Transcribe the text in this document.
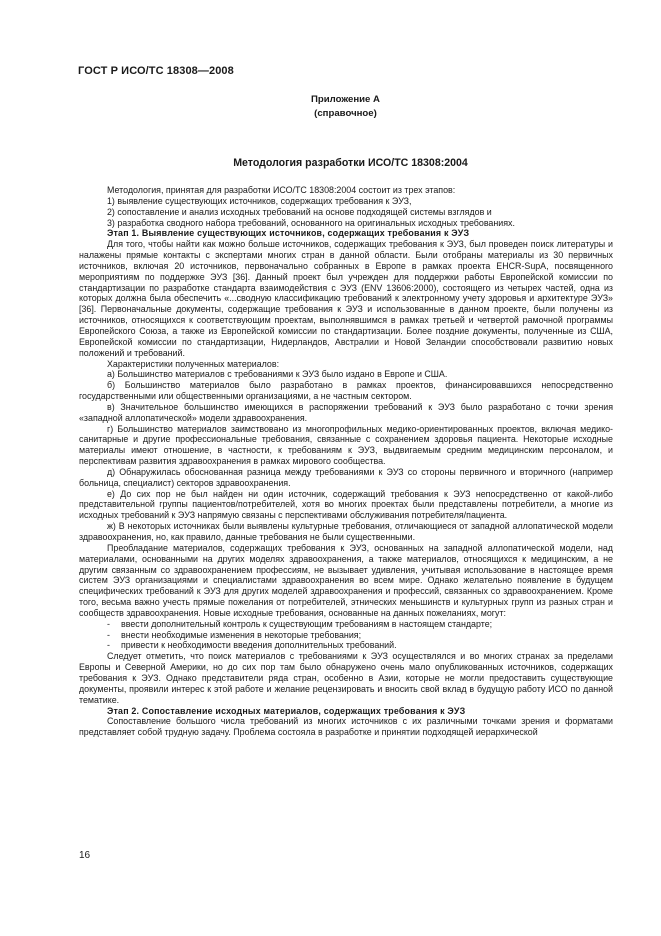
ГОСТ Р ИСО/ТС 18308—2008
Приложение А
(справочное)
Методология разработки ИСО/ТС 18308:2004

Методология, принятая для разработки ИСО/ТС 18308:2004 состоит из трех этапов:

1) выявление существующих источников, содержащих требования к ЭУЗ,

2) сопоставление и анализ исходных требований на основе подходящей системы взглядов и

3) разработка сводного набора требований, основанного на оригинальных исходных требованиях.

Этап 1. Выявление существующих источников, содержащих требования к ЭУЗ

Для того, чтобы найти как можно больше источников, содержащих требования к ЭУЗ, был проведен поиск литературы и налажены прямые контакты с экспертами многих стран в данной области. Были отобраны материалы из 30 первичных источников, включая 20 источников, первоначально собранных в Европе в рамках проекта EHCR-SupA, посвященного мероприятиям по поддержке ЭУЗ [36]. Данный проект был учрежден для поддержки работы Европейской комиссии по стандартизации по разработке стандарта взаимодействия с ЭУЗ (ENV 13606:2000), состоящего из четырех частей, одна из которых должна была обеспечить «...сводную классификацию требований к электронному учету здоровья и архитектуре ЭУЗ» [36]. Первоначальные документы, содержащие требования к ЭУЗ и использованные в данном проекте, были получены из источников, относящихся к соответствующим проектам, выполнявшимся в рамках третьей и четвертой рамочной программы Европейского Союза, а также из Европейской комиссии по стандартизации. Более поздние документы, полученные из США, Европейской комиссии по стандартизации, Нидерландов, Австралии и Новой Зеландии способствовали развитию новых положений и требований.

Характеристики полученных материалов:

а) Большинство материалов с требованиями к ЭУЗ было издано в Европе и США.

б) Большинство материалов было разработано в рамках проектов, финансировавшихся непосредственно государственными или общественными организациями, а не частным сектором.

в) Значительное большинство имеющихся в распоряжении требований к ЭУЗ было разработано с точки зрения «западной аллопатической» модели здравоохранения.

г) Большинство материалов заимствовано из многопрофильных медико-ориентированных проектов, включая медико-санитарные и другие профессиональные требования, связанные с сохранением здоровья пациента. Некоторые исходные материалы имеют отношение, в частности, к требованиям к ЭУЗ, выдвигаемым средним медицинским персоналом, и перспективам развития здравоохранения в рамках мирового сообщества.

д) Обнаружилась обоснованная разница между требованиями к ЭУЗ со стороны первичного и вторичного (например больница, специалист) секторов здравоохранения.

е) До сих пор не был найден ни один источник, содержащий требования к ЭУЗ непосредственно от какой-либо представительной группы пациентов/потребителей, хотя во многих проектах были представлены потребители, а многие из исходных требований к ЭУЗ напрямую связаны с перспективами обслуживания потребителя/пациента.

ж) В некоторых источниках были выявлены культурные требования, отличающиеся от западной аллопатической модели здравоохранения, но, как правило, данные требования не были существенными.

Преобладание материалов, содержащих требования к ЭУЗ, основанных на западной аллопатической модели, над материалами, основанными на других моделях здравоохранения, а также материалов, относящихся к медицинским, а не другим связанным со здравоохранением профессиям, не вызывает удивления, учитывая использование в настоящее время систем ЭУЗ организациями и специалистами здравоохранения во всем мире. Однако желательно появление в будущем специфических требований к ЭУЗ для других моделей здравоохранения и профессий, связанных со здравоохранением. Кроме того, весьма важно учесть прямые пожелания от потребителей, этнических меньшинств и культурных групп из разных стран и сообществ здравоохранения. Новые исходные требования, основанные на данных пожеланиях, могут:

- ввести дополнительный контроль к существующим требованиям в настоящем стандарте;

- внести необходимые изменения в некоторые требования;

- привести к необходимости введения дополнительных требований.

Следует отметить, что поиск материалов с требованиями к ЭУЗ осуществлялся и во многих странах за пределами Европы и Северной Америки, но до сих пор там было обнаружено очень мало опубликованных источников, содержащих требования к ЭУЗ. Однако представители ряда стран, особенно в Азии, которые не могли предоставить существующие документы, проявили интерес к этой работе и желание рецензировать и вносить свой вклад в будущую работу ИСО по данной тематике.

Этап 2. Сопоставление исходных материалов, содержащих требования к ЭУЗ

Сопоставление большого числа требований из многих источников с их различными точками зрения и форматами представляет собой трудную задачу. Проблема состояла в разработке и принятии подходящей иерархической

16
